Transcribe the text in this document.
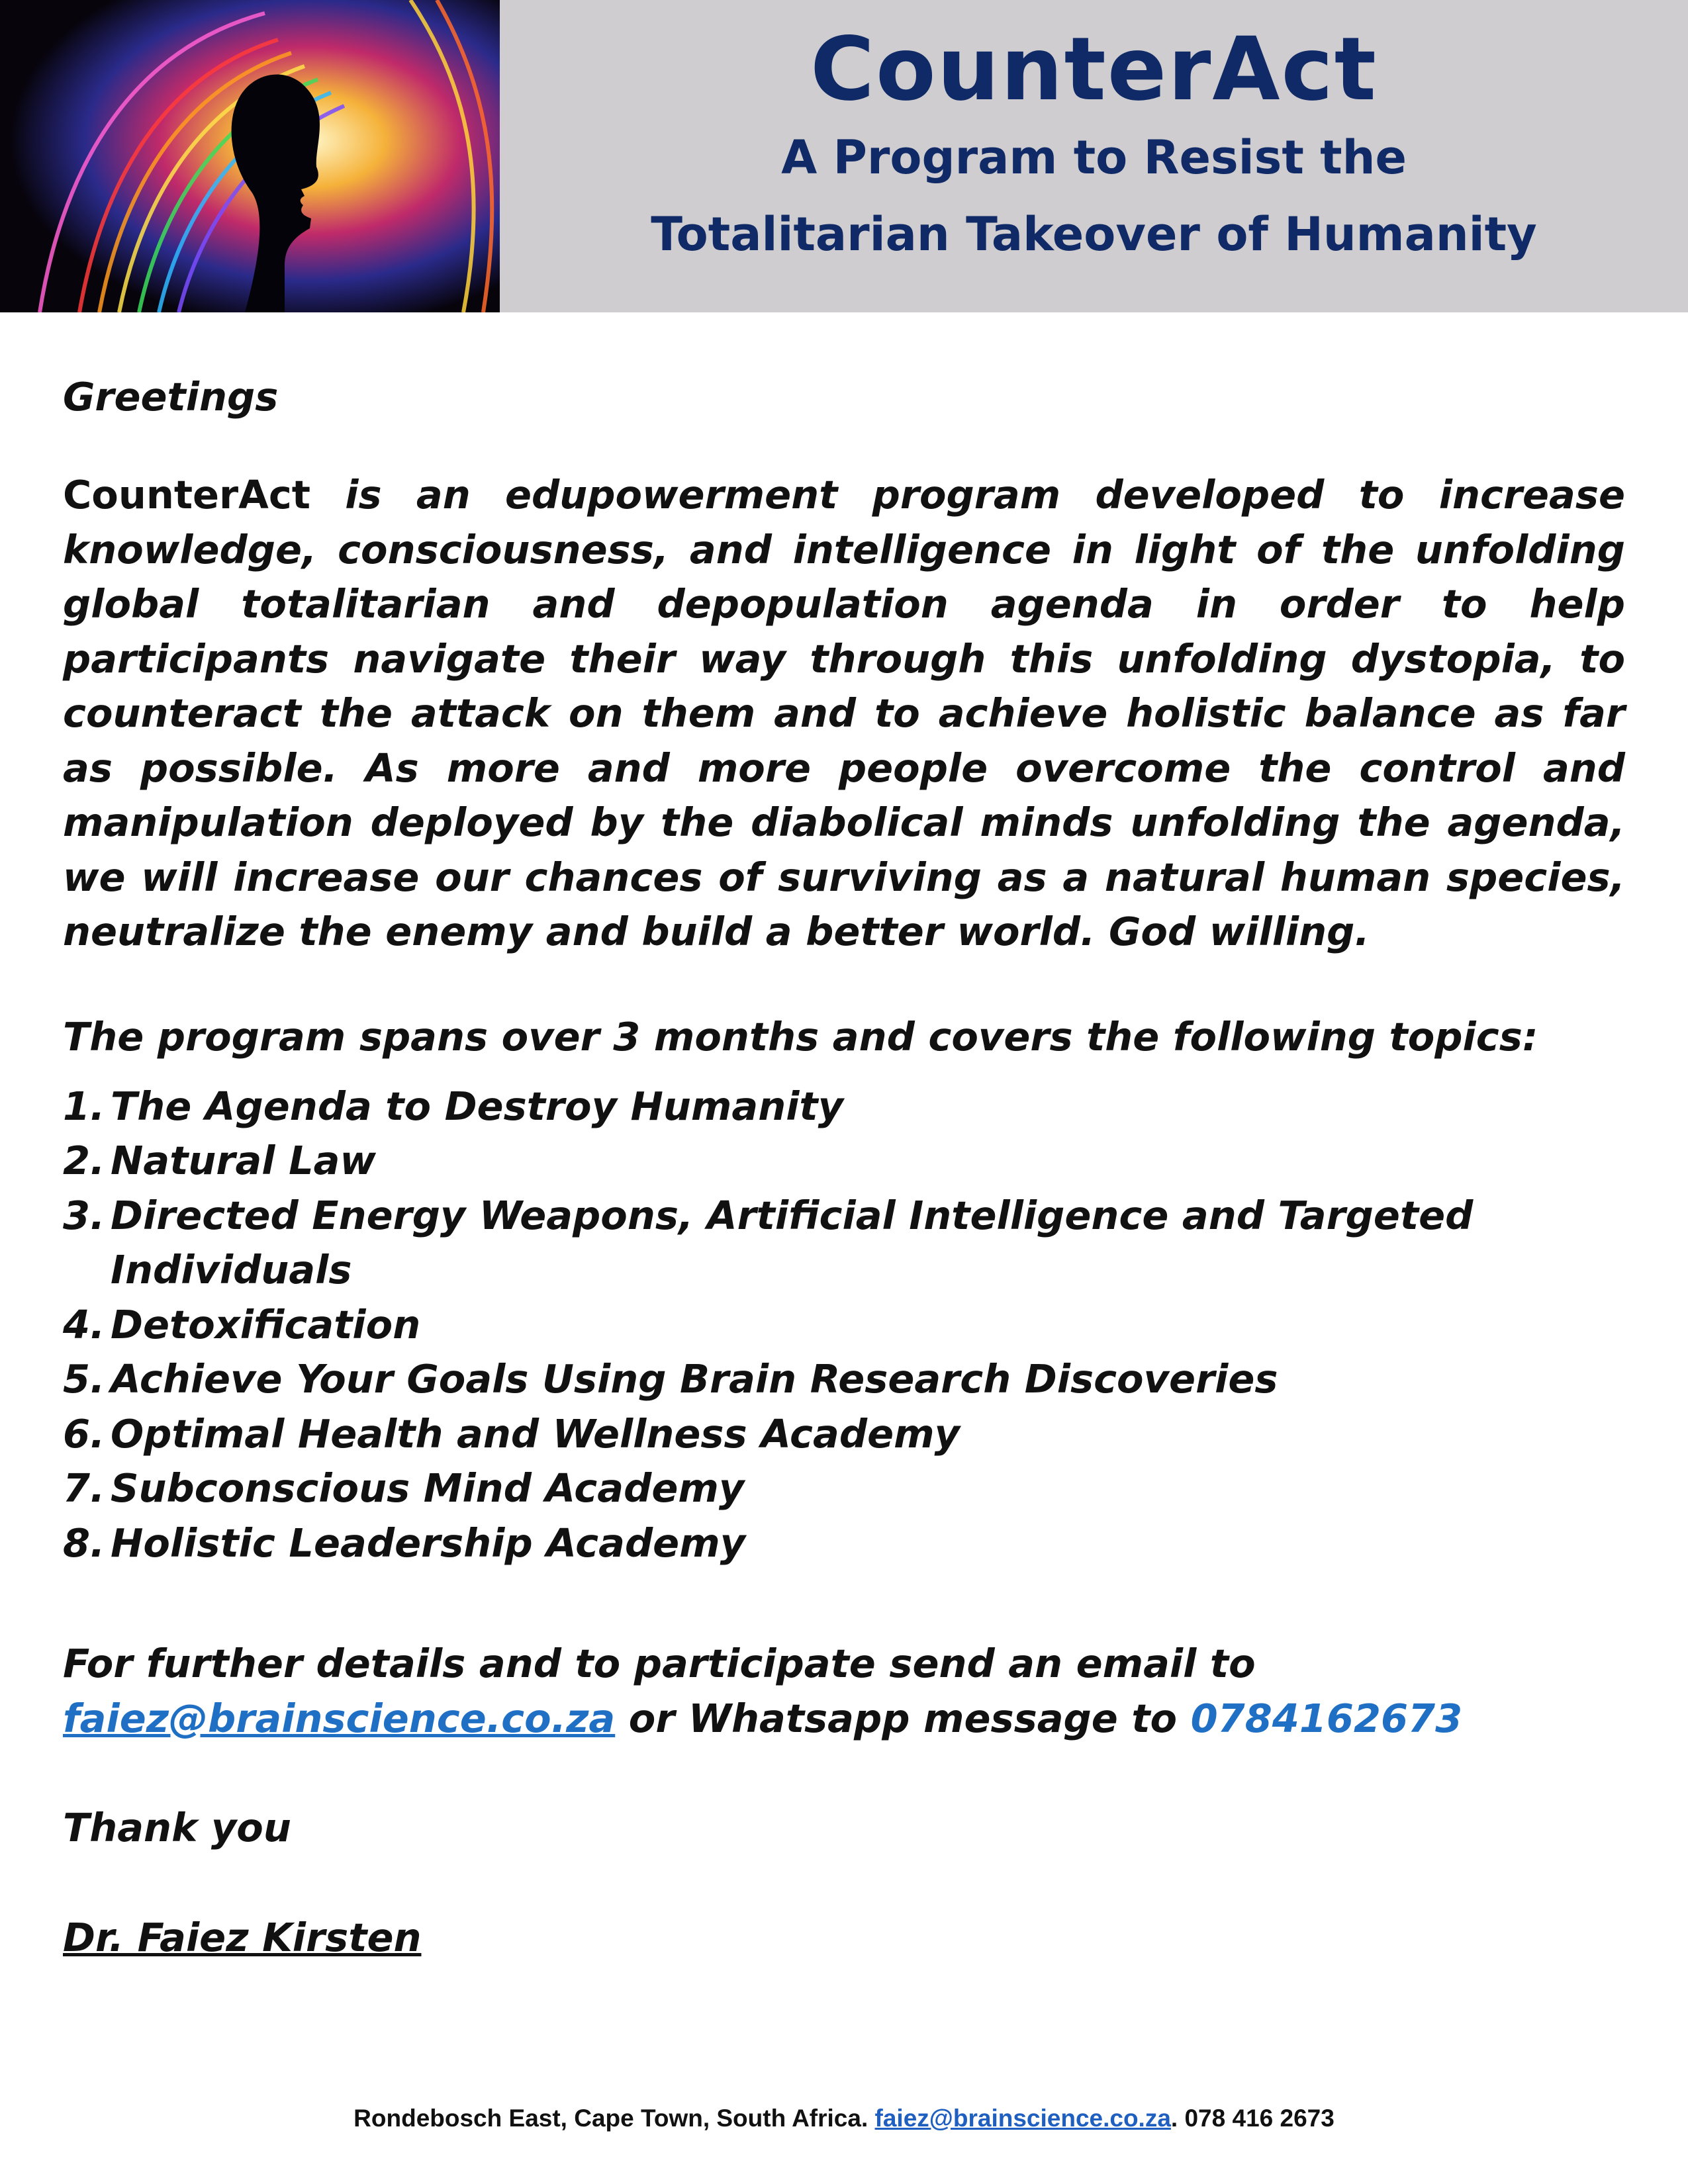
CounterAct
A Program to Resist the
Totalitarian Takeover of Humanity

Greetings

CounterAct is an edupowerment program developed to increase knowledge, consciousness, and intelligence in light of the unfolding global totalitarian and depopulation agenda in order to help participants navigate their way through this unfolding dystopia, to counteract the attack on them and to achieve holistic balance as far as possible. As more and more people overcome the control and manipulation deployed by the diabolical minds unfolding the agenda, we will increase our chances of surviving as a natural human species, neutralize the enemy and build a better world. God willing.

The program spans over 3 months and covers the following topics:

1. The Agenda to Destroy Humanity
2. Natural Law
3. Directed Energy Weapons, Artificial Intelligence and Targeted Individuals
4. Detoxification
5. Achieve Your Goals Using Brain Research Discoveries
6. Optimal Health and Wellness Academy
7. Subconscious Mind Academy
8. Holistic Leadership Academy

For further details and to participate send an email to
faiez@brainscience.co.za or Whatsapp message to 0784162673

Thank you

Dr. Faiez Kirsten

Rondebosch East, Cape Town, South Africa. faiez@brainscience.co.za. 078 416 2673
